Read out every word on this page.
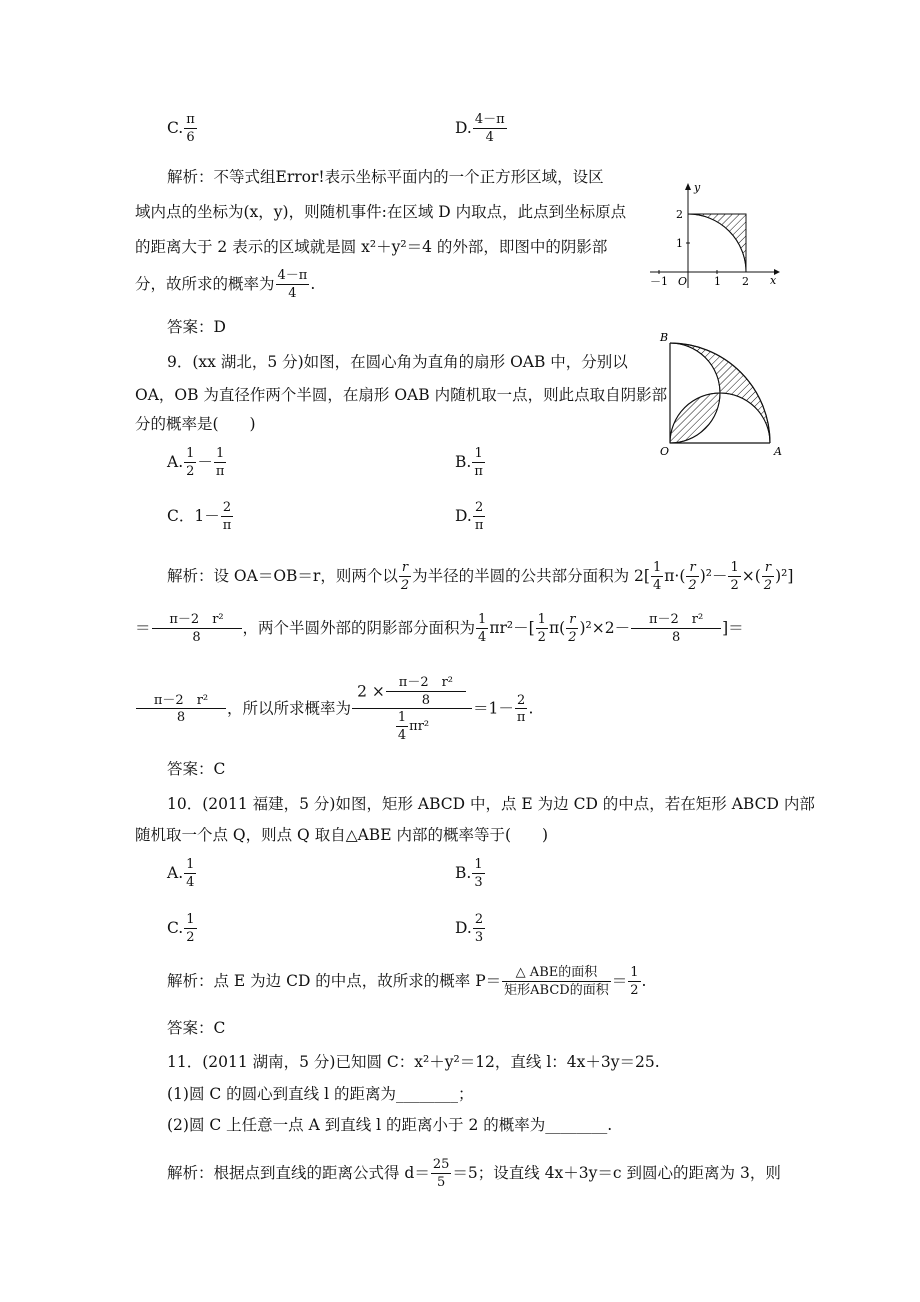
C. $\frac{\pi}{6}$	D. $\frac{4-\pi}{4}$
解析：不等式组Error!表示坐标平面内的一个正方形区域，设区
域内点的坐标为(x，y)，则随机事件:在区域 D 内取点，此点到坐标原点
的距离大于 2 表示的区域就是圆 x²＋y²＝4 的外部，即图中的阴影部
分，故所求的概率为 $\frac{4-\pi}{4}$ .
答案：D
y
x
O
－1	1 2
1
2
9．(xx 湖北，5 分)如图，在圆心角为直角的扇形 OAB 中，分别以
OA，OB 为直径作两个半圆，在扇形 OAB 内随机取一点，则此点取自阴影部
分的概率是(　　)
B
O	A
A. $\frac{1}{2} - \frac{1}{\pi}$	B. $\frac{1}{\pi}$
C．$1- \frac{2}{\pi}$	D. $\frac{2}{\pi}$
解析：设 OA＝OB＝r，则两个以 $\frac{r}{2}$ 为半径的半圆的公共部分面积为 $2[ \frac{1}{4} \pi\cdot( \frac{r}{2} )^2- \frac{1}{2}$ ×( $\frac{r}{2} )^2$]
＝ $\frac{\text{π－2　r²}}{8}$ ，两个半圆外部的阴影部分面积为 $\frac{1}{4} \pi r^2-[ \frac{1}{2} \pi( \frac{r}{2} )^2\times 2- \frac{\text{π－2　r²}}{8}$ ]＝
$\frac{\text{π－2　r²}}{8}$ ，所以所求概率为 $\frac{2 \times \frac{\text{π－2　r²}}{8}}{\frac{1}{4} \pi r^2} =1- \frac{2}{\pi}$ .
答案：C
10．(2011 福建，5 分)如图，矩形 ABCD 中，点 E 为边 CD 的中点，若在矩形 ABCD 内部
随机取一个点 Q，则点 Q 取自△ABE 内部的概率等于(　　)
A. $\frac{1}{4}$	B. $\frac{1}{3}$
C. $\frac{1}{2}$	D. $\frac{2}{3}$
解析：点 E 为边 CD 的中点，故所求的概率 $P= \frac{\text{△ ABE的面积}}{\text{矩形ABCD的面积}} = \frac{1}{2}$ .
答案：C
11．(2011 湖南，5 分)已知圆 C：x²＋y²＝12，直线 l：4x＋3y＝25.
(1)圆 C 的圆心到直线 l 的距离为________；
(2)圆 C 上任意一点 A 到直线 l 的距离小于 2 的概率为________.
解析：根据点到直线的距离公式得 $d= \frac{25}{5} =5$；设直线 4x＋3y＝c 到圆心的距离为 3，则
